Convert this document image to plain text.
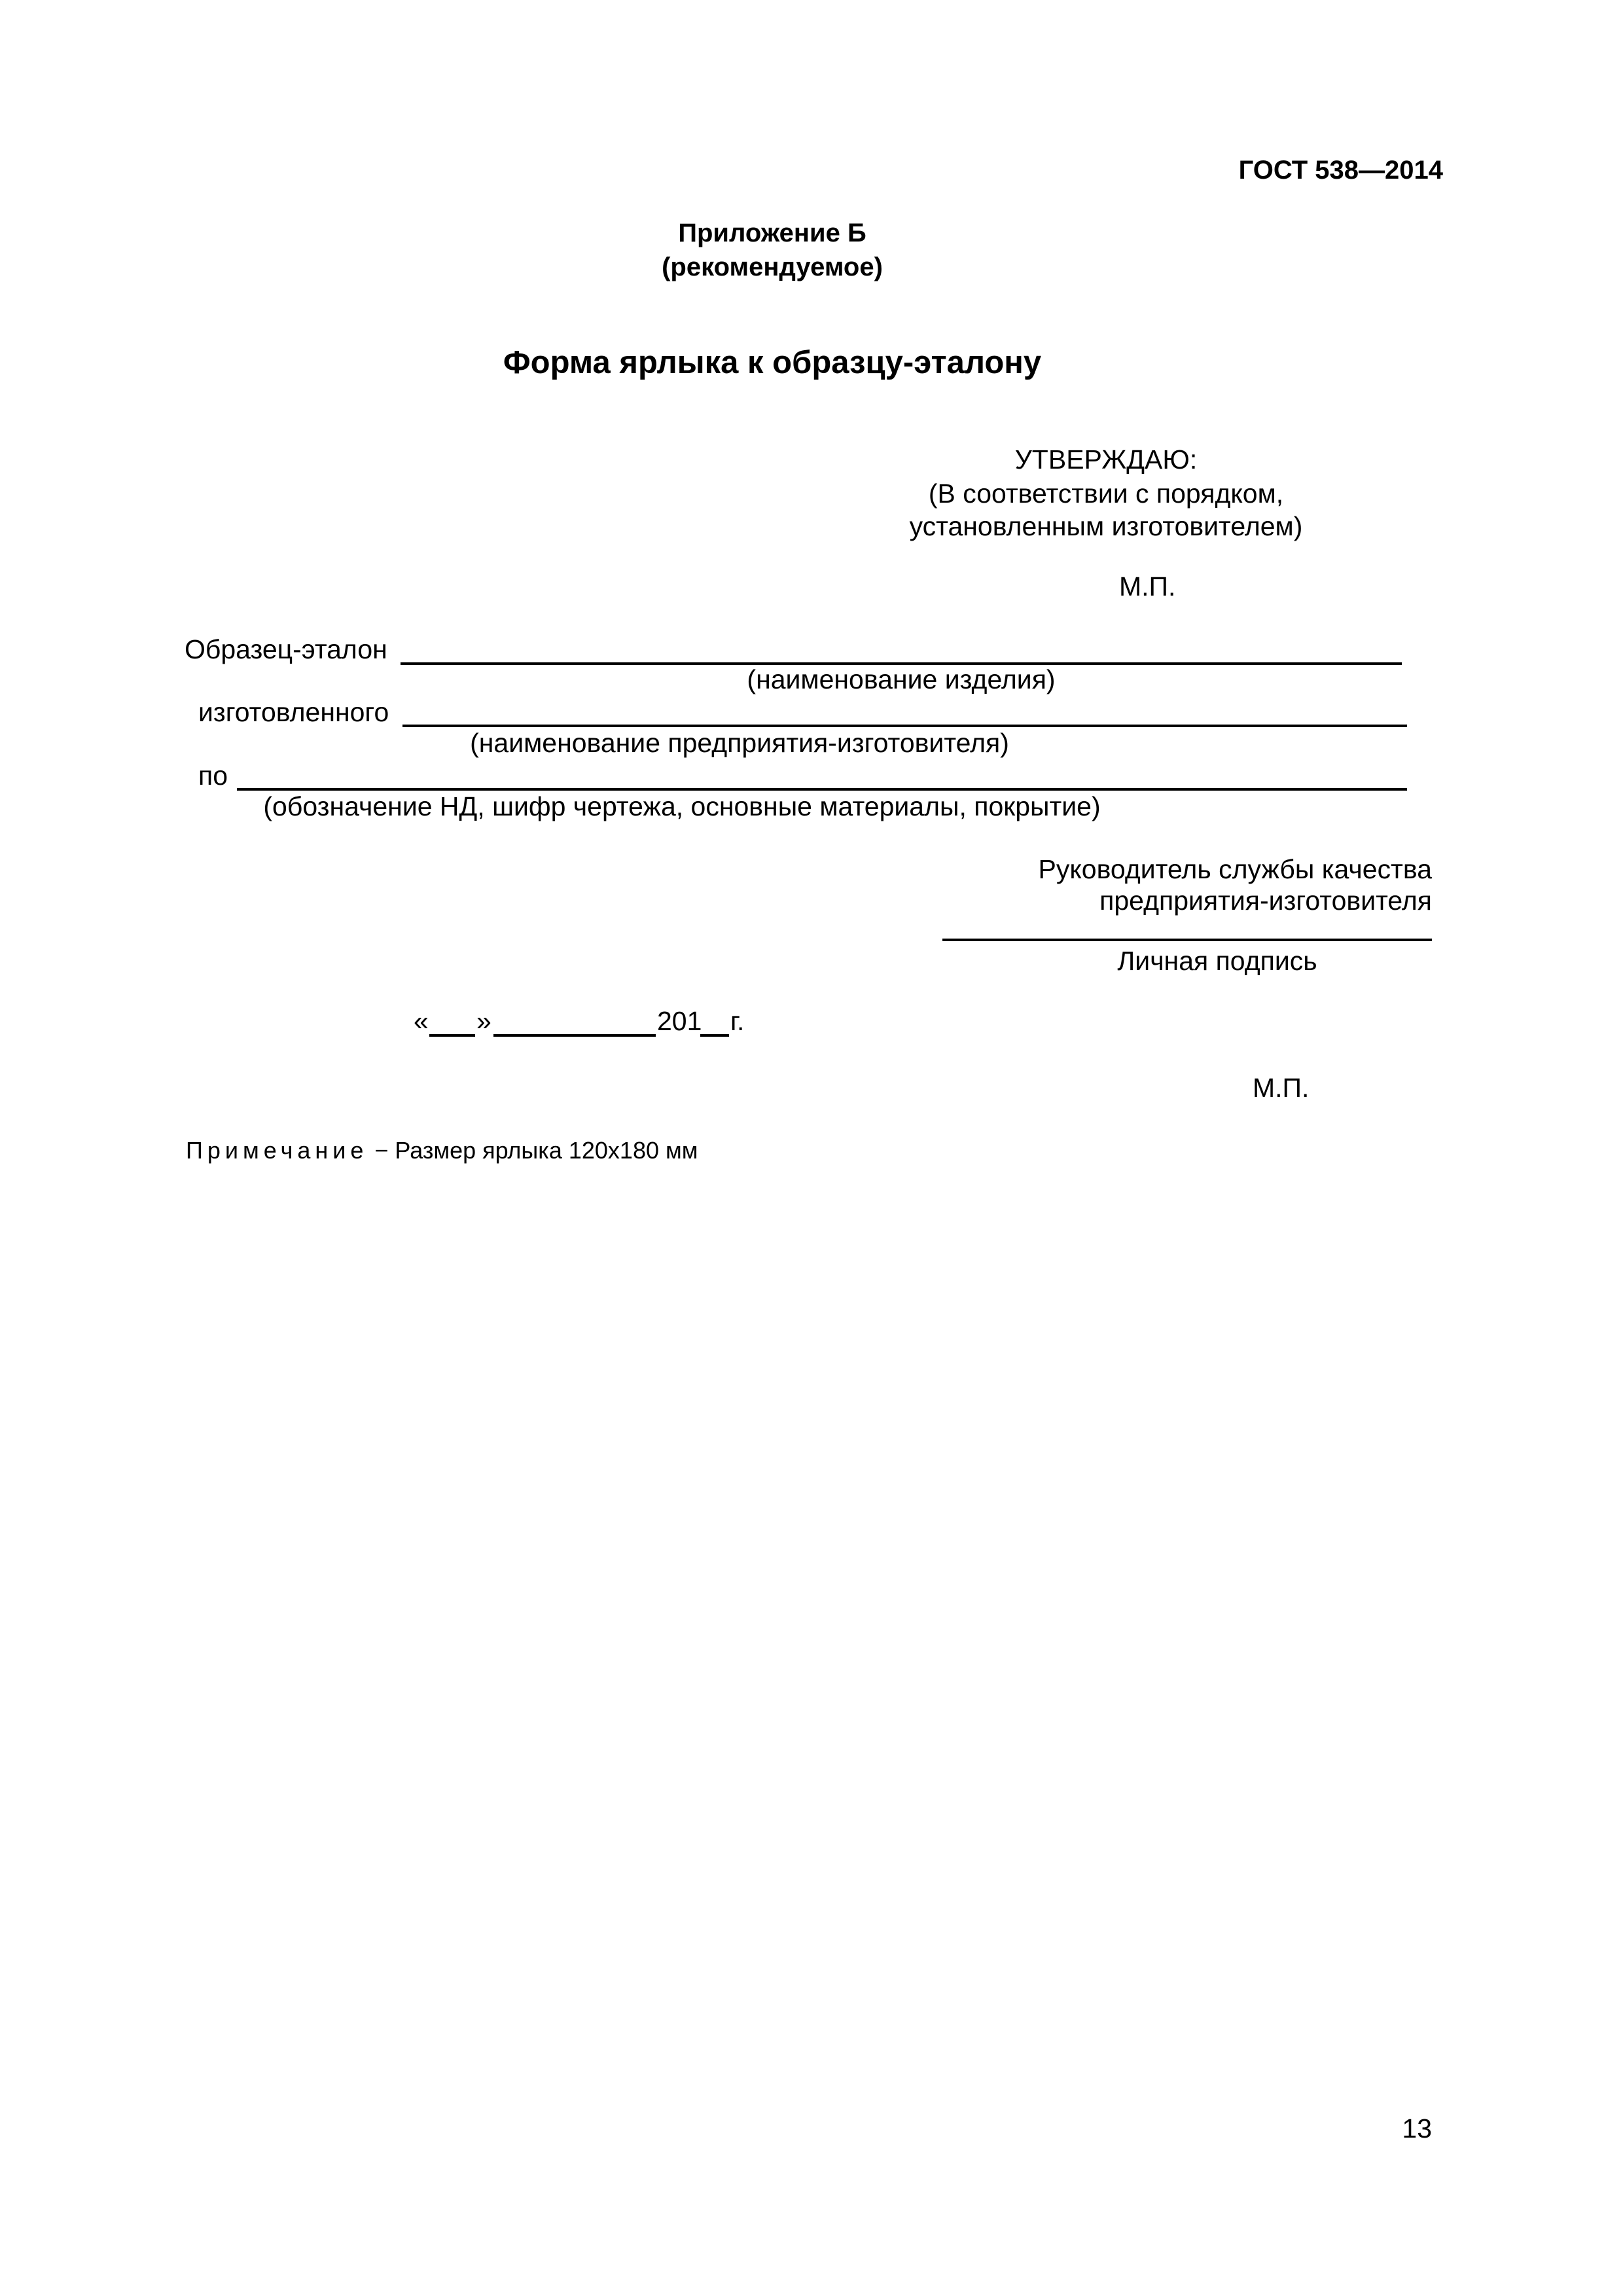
ГОСТ 538—2014
Приложение Б
(рекомендуемое)
Форма ярлыка к образцу-эталону
УТВЕРЖДАЮ:
(В соответствии с порядком,
установленным изготовителем)
М.П.
Образец-эталон
(наименование изделия)
изготовленного
(наименование предприятия-изготовителя)
по
(обозначение НД, шифр чертежа, основные материалы, покрытие)
Руководитель службы качества
предприятия-изготовителя
Личная подпись
« »	201 г.
М.П.
Примечание − Размер ярлыка 120х180 мм
13
